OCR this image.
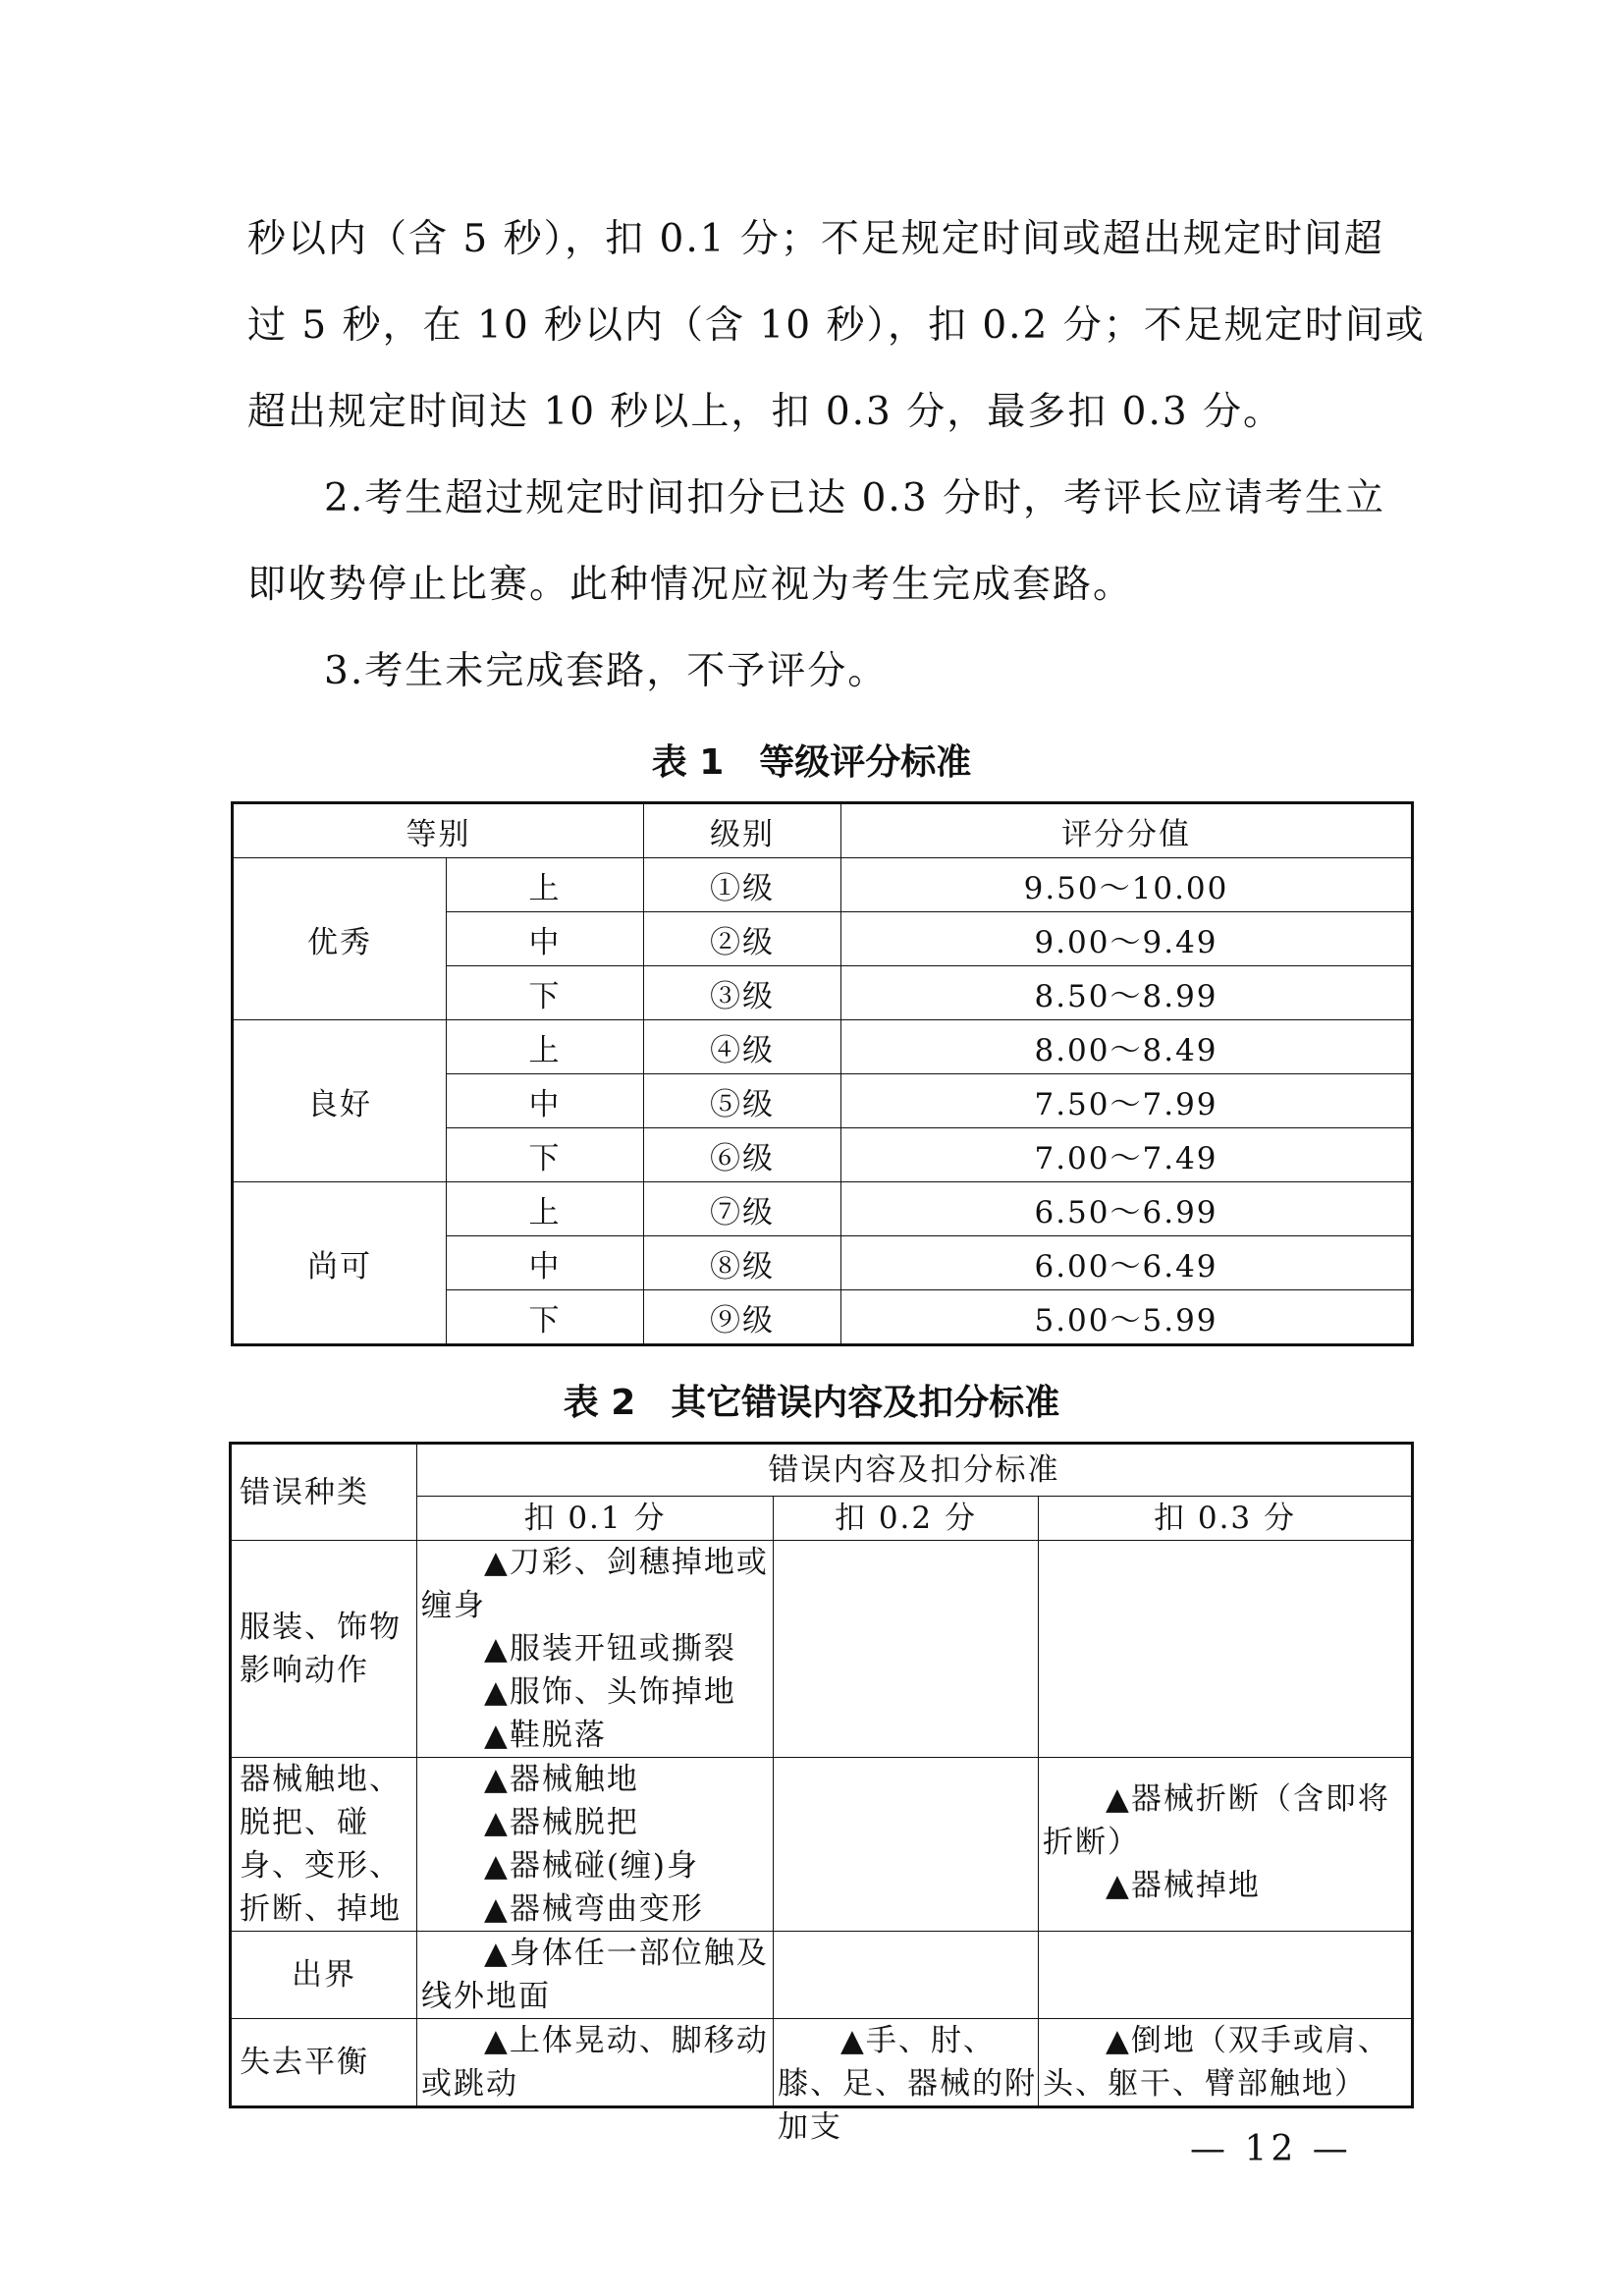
秒以内（含 5 秒），扣 0.1 分；不足规定时间或超出规定时间超
过 5 秒，在 10 秒以内（含 10 秒），扣 0.2 分；不足规定时间或
超出规定时间达 10 秒以上，扣 0.3 分，最多扣 0.3 分。
2.考生超过规定时间扣分已达 0.3 分时，考评长应请考生立
即收势停止比赛。此种情况应视为考生完成套路。
3.考生未完成套路，不予评分。

表 1　等级评分标准

等别		级别	评分分值
优秀	上	①级	9.50～10.00
	中	②级	9.00～9.49
	下	③级	8.50～8.99
良好	上	④级	8.00～8.49
	中	⑤级	7.50～7.99
	下	⑥级	7.00～7.49
尚可	上	⑦级	6.50～6.99
	中	⑧级	6.00～6.49
	下	⑨级	5.00～5.99

表 2　其它错误内容及扣分标准

错误种类	错误内容及扣分标准		
	扣 0.1 分	扣 0.2 分	扣 0.3 分
服装、饰物影响动作	▲刀彩、剑穗掉地或缠身
▲服装开钮或撕裂
▲服饰、头饰掉地
▲鞋脱落		

器械触地、脱把、碰身、变形、折断、掉地	▲器械触地
▲器械脱把
▲器械碰(缠)身
▲器械弯曲变形		▲器械折断（含即将折断）
▲器械掉地

出界	▲身体任一部位触及线外地面		

失去平衡	▲上体晃动、脚移动或跳动	▲手、肘、膝、足、器械的附加支	▲倒地（双手或肩、头、躯干、臂部触地）

— 12 —
